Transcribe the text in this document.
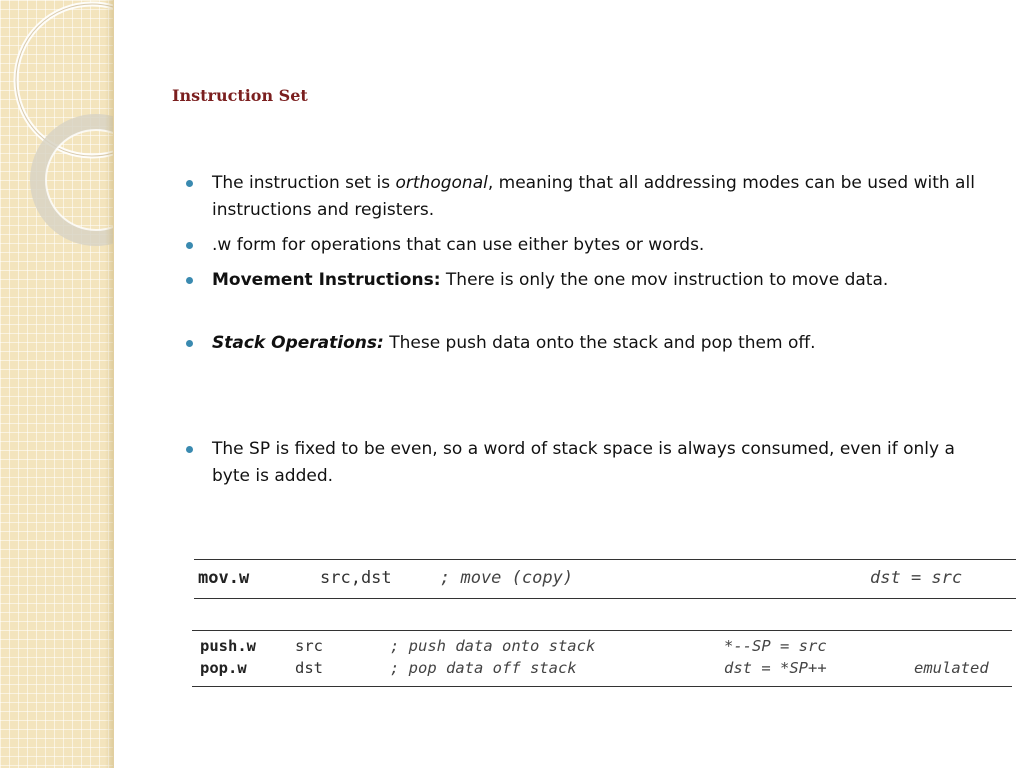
Instruction Set
The instruction set is orthogonal, meaning that all addressing modes can be used with all instructions and registers.
.w form for operations that can use either bytes or words.
Movement Instructions: There is only the one mov instruction to move data.
Stack Operations: These push data onto the stack and pop them off.
The SP is fixed to be even, so a word of stack space is always consumed, even if only a byte is added.
mov.w	src,dst	; move (copy)	dst = src
push.w	src	; push data onto stack	*--SP = src
pop.w	dst	; pop data off stack	dst = *SP++	emulated
